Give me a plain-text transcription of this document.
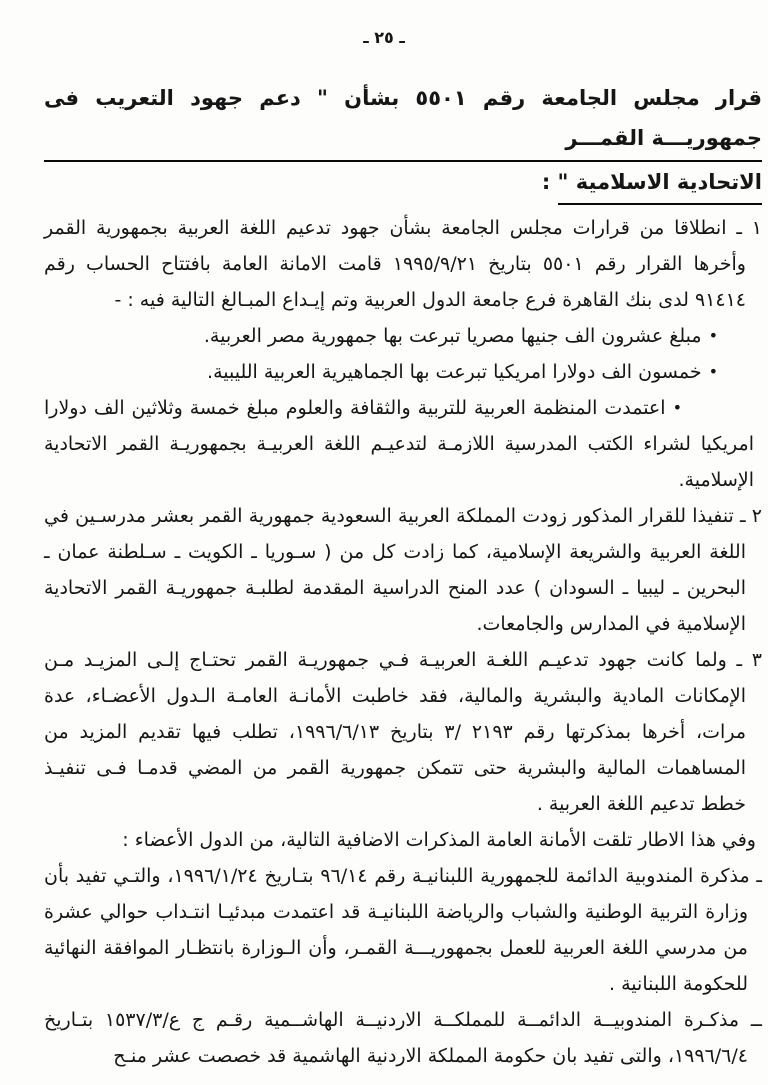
ـ ٢٥ ـ
قرار مجلس الجامعة رقم ٥٥٠١ بشأن " دعم جهود التعريب فى جمهوريـــة القمـــر
الاتحادية الاسلامية " :

١ ـ انطلاقا من قرارات مجلس الجامعة بشأن جهود تدعيم اللغة العربية بجمهورية القمر وأخرها القرار رقم ٥٥٠١ بتاريخ ١٩٩٥/٩/٢١ قامت الامانة العامة بافتتاح الحساب رقم ٩١٤١٤ لدى بنك القاهرة فرع جامعة الدول العربية وتم إيـداع المبـالغ التالية فيه : -

•مبلغ عشرون الف جنيها مصريا تبرعت بها جمهورية مصر العربية.
•خمسون الف دولارا امريكيا تبرعت بها الجماهيرية العربية الليبية.
•اعتمدت المنظمة العربية للتربية والثقافة والعلوم مبلغ خمسة وثلاثين الف دولارا امريكيا لشراء الكتب المدرسية اللازمـة لتدعيـم اللغة العربيـة بجمهوريـة القمر الاتحادية الإسلامية.

٢ ـ تنفيذا للقرار المذكور زودت المملكة العربية السعودية جمهورية القمر بعشر مدرسـين في اللغة العربية والشريعة الإسلامية، كما زادت كل من ( سـوريا ـ الكويت ـ سـلطنة عمان ـ البحرين ـ ليبيا ـ السودان ) عدد المنح الدراسية المقدمة لطلبـة جمهوريـة القمر الاتحادية الإسلامية في المدارس والجامعات.

٣ ـ ولما كانت جهود تدعيـم اللغـة العربيـة فـي جمهوريـة القمر تحتـاج إلـى المزيـد مـن الإمكانات المادية والبشرية والمالية، فقد خاطبت الأمانـة العامـة الـدول الأعضـاء، عدة مرات، أخرها بمذكرتها رقم ٢١٩٣ /٣ بتاريخ ١٩٩٦/٦/١٣، تطلب فيها تقديم المزيد من المساهمات المالية والبشرية حتى تتمكن جمهورية القمر من المضي قدمـا فـى تنفيـذ خطط تدعيم اللغة العربية .

وفي هذا الاطار تلقت الأمانة العامة المذكرات الاضافية التالية، من الدول الأعضاء :

ـ مذكرة المندوبية الدائمة للجمهورية اللبنانيـة رقم ٩٦/١٤ بتـاريخ ١٩٩٦/١/٢٤، والتـي تفيد بأن وزارة التربية الوطنية والشباب والرياضة اللبنانيـة قد اعتمدت مبدئيـا انتـداب حوالي عشرة من مدرسي اللغة العربية للعمل بجمهوريـــة القمـر، وأن الـوزارة بانتظـار الموافقة النهائية للحكومة اللبنانية .

ــ مذكـرة المندوبيــة الدائمــة للمملكــة الاردنيــة الهاشــمية رقـم ج ع/١٥٣٧/٣ بتـاريخ ١٩٩٦/٦/٤، والتى تفيد بان حكومة المملكة الاردنية الهاشمية قد خصصت عشر منـح
